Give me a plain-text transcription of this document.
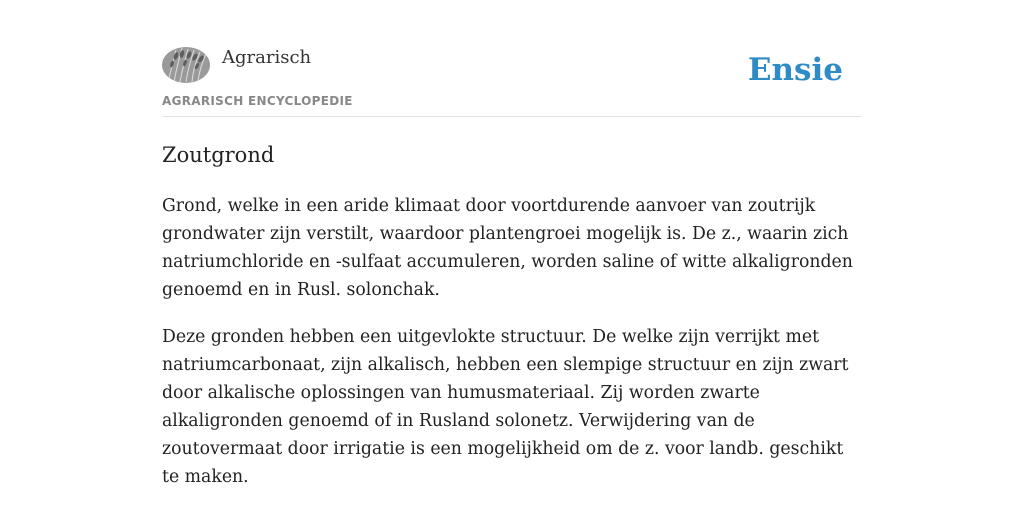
Agrarisch
AGRARISCH ENCYCLOPEDIE
Ensie
Zoutgrond

Grond, welke in een aride klimaat door voortdurende aanvoer van zoutrijk grondwater zijn verstilt, waardoor plantengroei mogelijk is. De z., waarin zich natriumchloride en -sulfaat accumuleren, worden saline of witte alkaligronden genoemd en in Rusl. solonchak.

Deze gronden hebben een uitgevlokte structuur. De welke zijn verrijkt met natriumcarbonaat, zijn alkalisch, hebben een slempige structuur en zijn zwart door alkalische oplossingen van humusmateriaal. Zij worden zwarte alkaligronden genoemd of in Rusland solonetz. Verwijdering van de zoutovermaat door irrigatie is een mogelijkheid om de z. voor landb. geschikt te maken.
